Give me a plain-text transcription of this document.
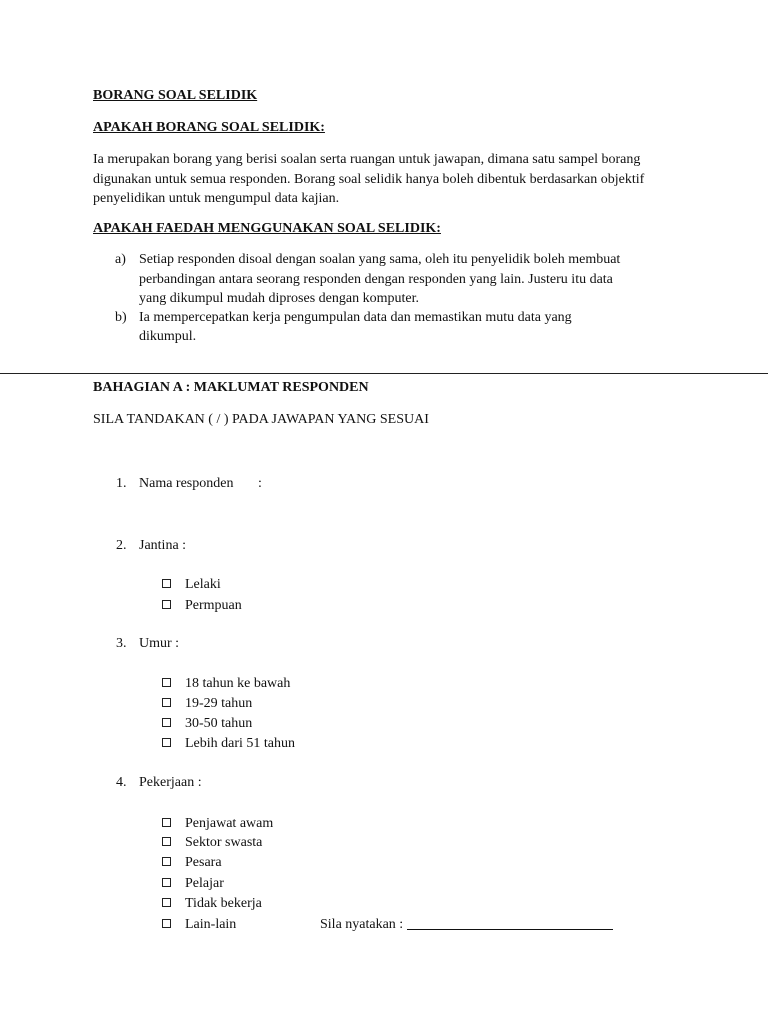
BORANG SOAL SELIDIK
APAKAH BORANG SOAL SELIDIK:
Ia merupakan borang yang berisi soalan serta ruangan untuk jawapan, dimana satu sampel borang digunakan untuk semua responden. Borang soal selidik hanya boleh dibentuk berdasarkan objektif penyelidikan untuk mengumpul data kajian.
APAKAH FAEDAH MENGGUNAKAN SOAL SELIDIK:
a) Setiap responden disoal dengan soalan yang sama, oleh itu penyelidik boleh membuat
perbandingan antara seorang responden dengan responden yang lain. Justeru itu data
yang dikumpul mudah diproses dengan komputer.
b) Ia mempercepatkan kerja pengumpulan data dan memastikan mutu data yang
dikumpul.
BAHAGIAN A : MAKLUMAT RESPONDEN
SILA TANDAKAN ( / ) PADA JAWAPAN YANG SESUAI
1. Nama responden :
2. Jantina :
Lelaki
Permpuan
3. Umur :
18 tahun ke bawah
19-29 tahun
30-50 tahun
Lebih dari 51 tahun
4. Pekerjaan :
Penjawat awam
Sektor swasta
Pesara
Pelajar
Tidak bekerja
Lain-lain	Sila nyatakan :
